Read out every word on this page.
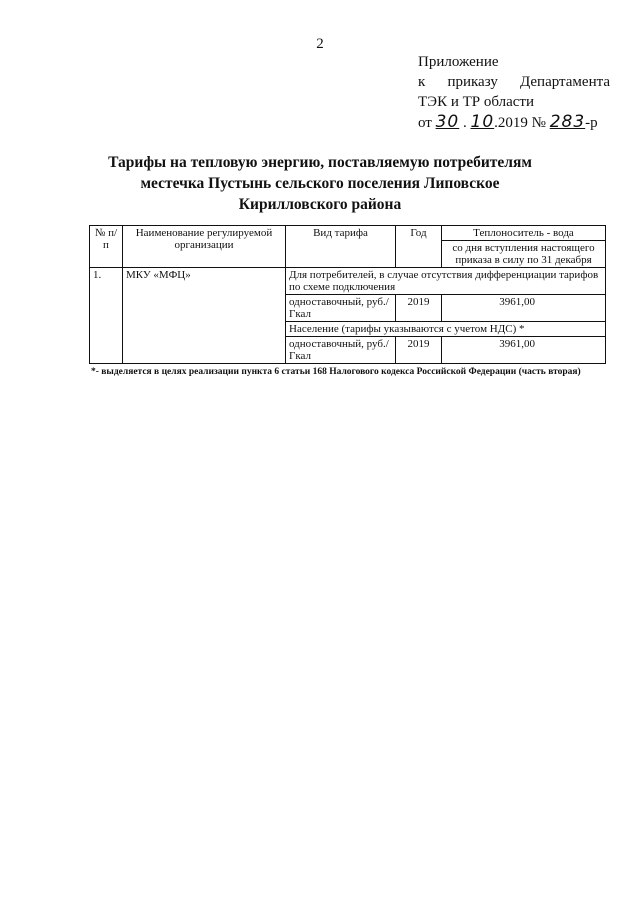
2
Приложение
к приказу Департамента
ТЭК и ТР области
от 30 . 10.2019 № 283-р
Тарифы на тепловую энергию, поставляемую потребителям
местечка Пустынь сельского поселения Липовское
Кирилловского района
№ п/п	Наименование регулируемой организации	Вид тарифа	Год	Теплоноситель - вода
				со дня вступления настоящего приказа в силу по 31 декабря
1.	МКУ «МФЦ»	Для потребителей, в случае отсутствия дифференциации тарифов по схеме подключения		
		одноставочный, руб./Гкал	2019	3961,00
		Население (тарифы указываются с учетом НДС) *		
		одноставочный, руб./Гкал	2019	3961,00
*- выделяется в целях реализации пункта 6 статьи 168 Налогового кодекса Российской Федерации (часть вторая)
